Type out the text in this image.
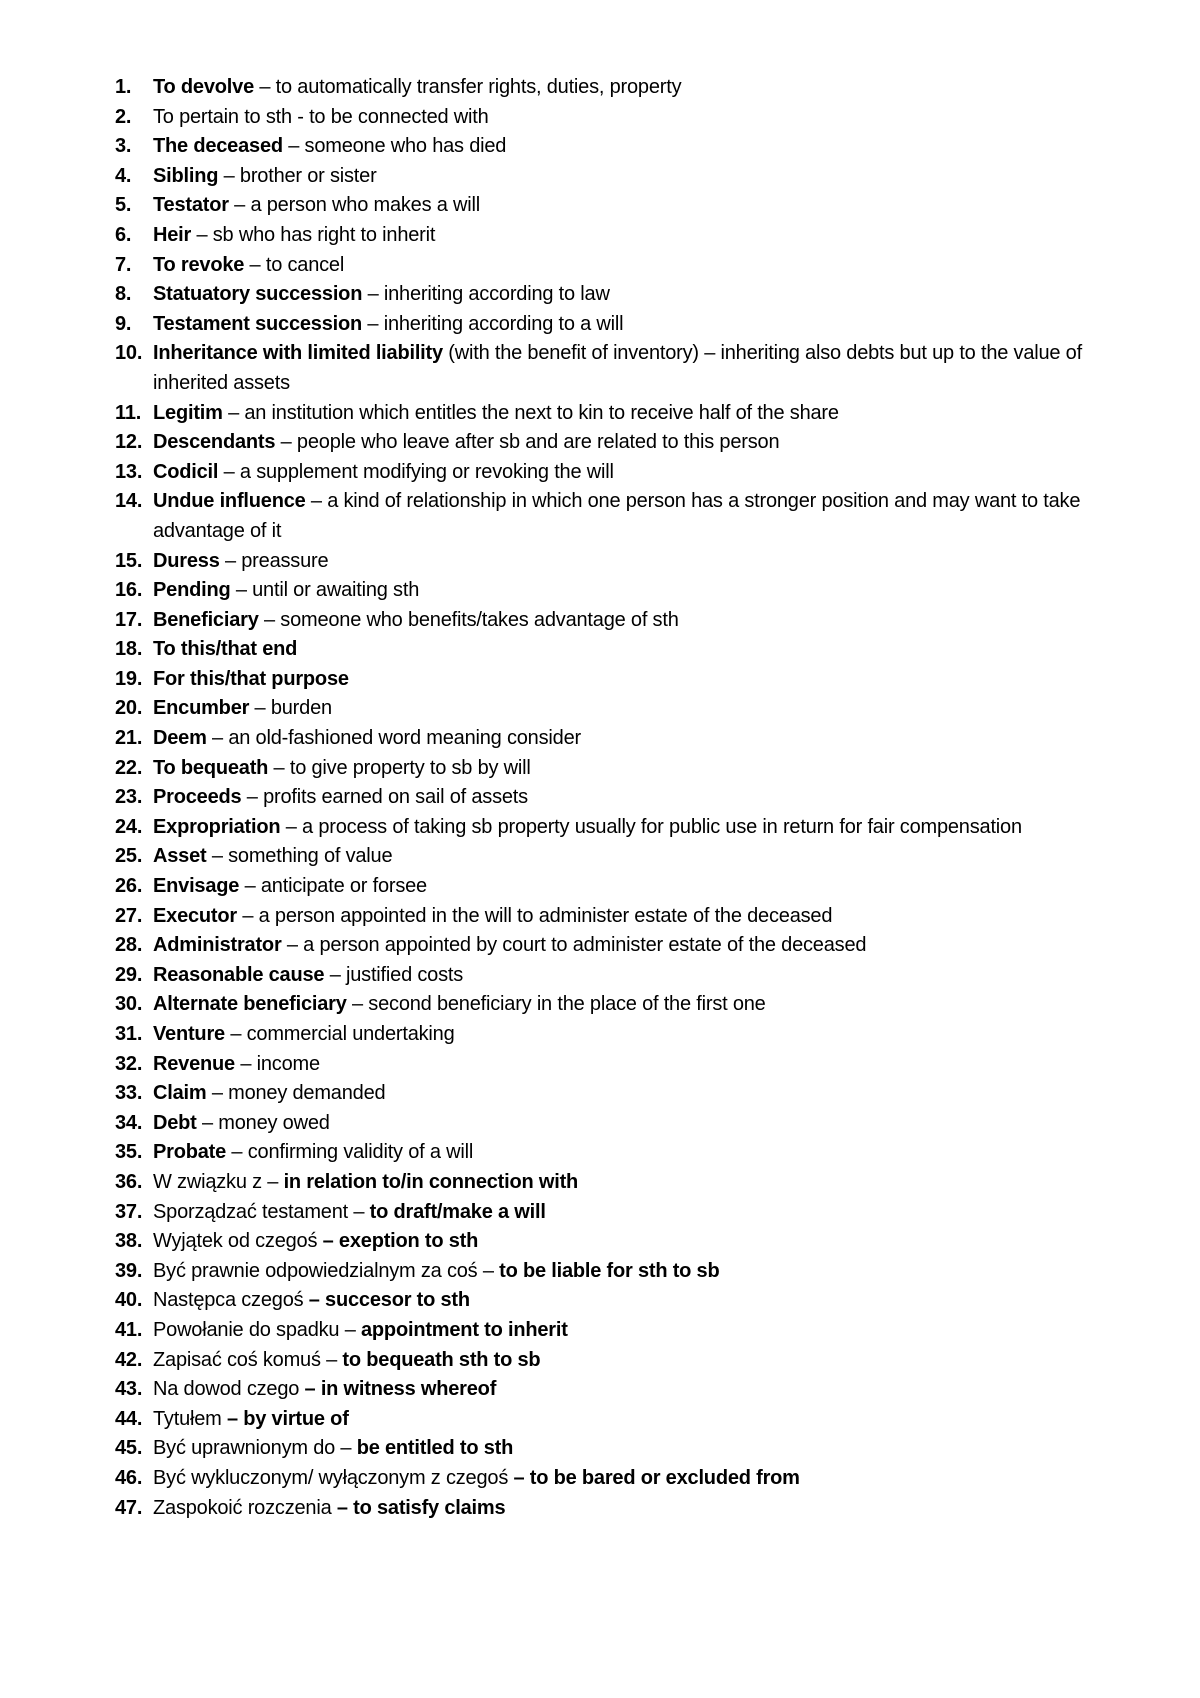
1.	To devolve – to automatically transfer rights, duties, property
2.	To pertain to sth - to be connected with
3.	The deceased – someone who has died
4.	Sibling – brother or sister
5.	Testator – a person who makes a will
6.	Heir – sb who has right to inherit
7.	To revoke – to cancel
8.	Statuatory succession – inheriting according to law
9.	Testament succession – inheriting according to a will
10. Inheritance with limited liability (with the benefit of inventory) – inheriting also debts but up to the value of inherited assets
11. Legitim – an institution which entitles the next to kin to receive half of the share
12. Descendants – people who leave after sb and are related to this person
13. Codicil – a supplement modifying or revoking the will
14. Undue influence – a kind of relationship in which one person has a stronger position and may want to take advantage of it
15. Duress – preassure
16. Pending – until or awaiting sth
17. Beneficiary – someone who benefits/takes advantage of sth
18. To this/that end
19. For this/that purpose
20. Encumber – burden
21. Deem – an old-fashioned word meaning consider
22. To bequeath – to give property to sb by will
23. Proceeds – profits earned on sail of assets
24. Expropriation – a process of taking sb property usually for public use in return for fair compensation
25. Asset – something of value
26. Envisage – anticipate or forsee
27. Executor – a person appointed in the will to administer estate of the deceased
28. Administrator – a person appointed by court to administer estate of the deceased
29. Reasonable cause – justified costs
30. Alternate beneficiary – second beneficiary in the place of the first one
31. Venture – commercial undertaking
32. Revenue – income
33. Claim – money demanded
34. Debt – money owed
35. Probate – confirming validity of a will
36. W związku z – in relation to/in connection with
37. Sporządzać testament – to draft/make a will
38. Wyjątek od czegoś – exeption to sth
39. Być prawnie odpowiedzialnym za coś – to be liable for sth to sb
40. Następca czegoś – succesor to sth
41. Powołanie do spadku – appointment to inherit
42. Zapisać coś komuś – to bequeath sth to sb
43. Na dowod czego – in witness whereof
44. Tytułem – by virtue of
45. Być uprawnionym do – be entitled to sth
46. Być wykluczonym/ wyłączonym z czegoś – to be bared or excluded from
47. Zaspokoić rozczenia – to satisfy claims
